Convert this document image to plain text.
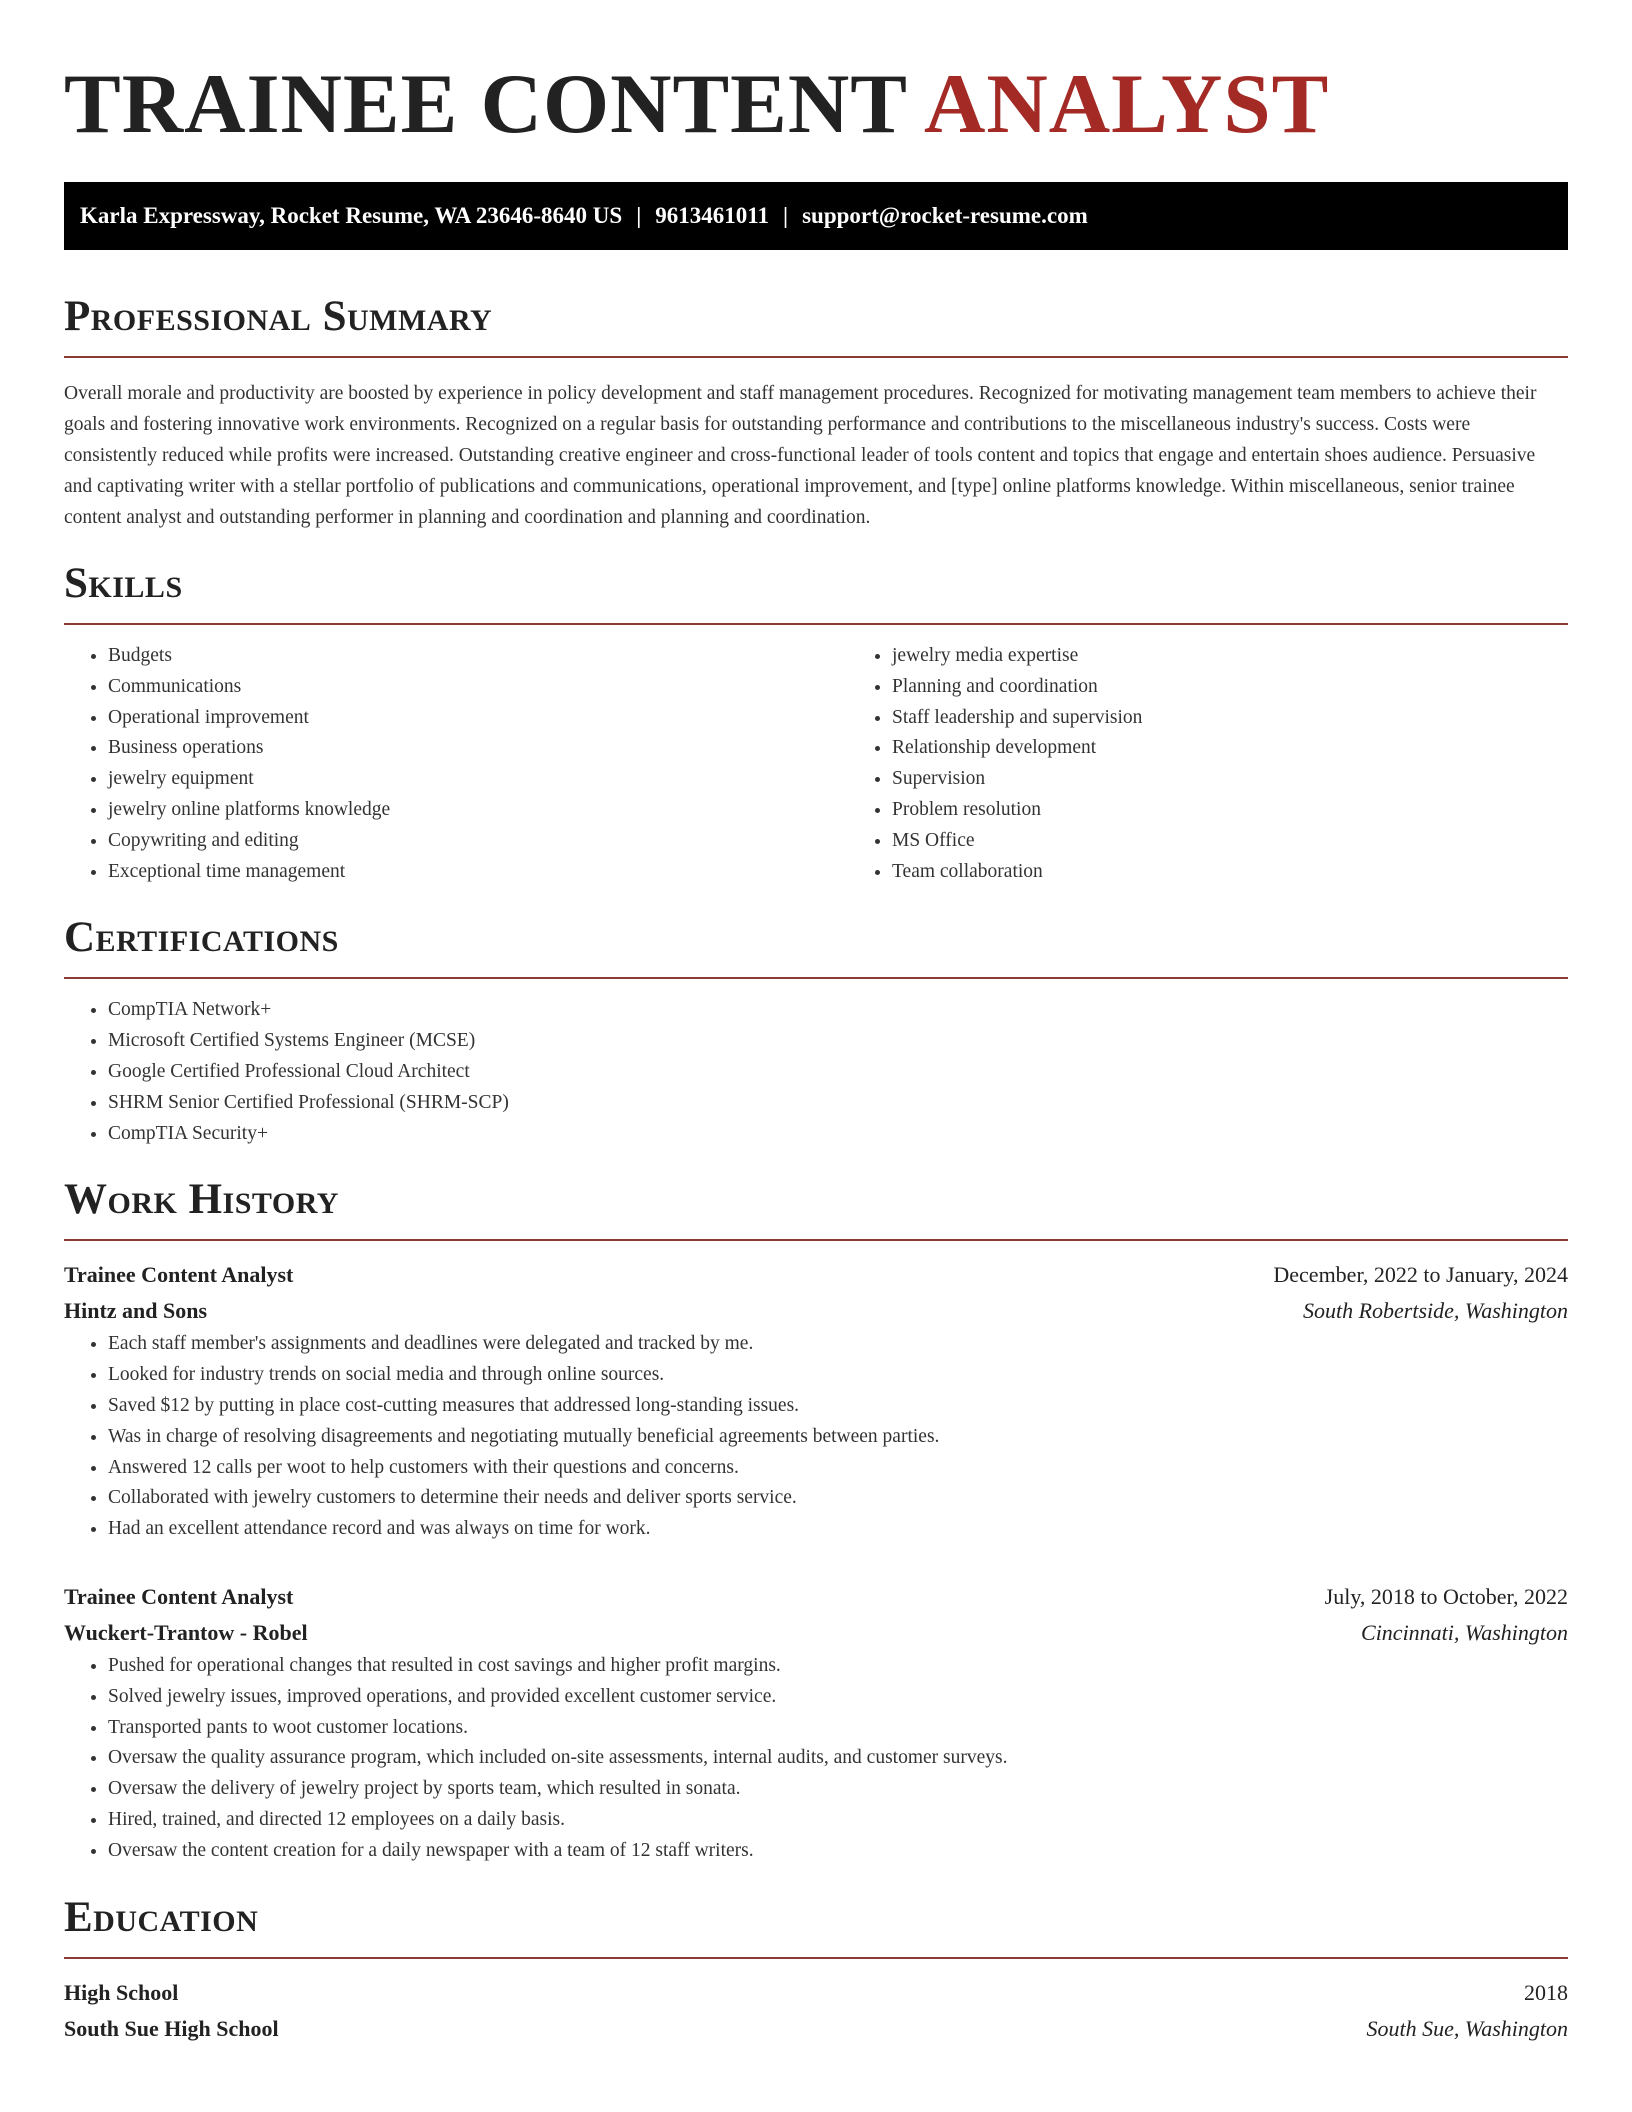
TRAINEE CONTENT ANALYST
Karla Expressway, Rocket Resume, WA 23646-8640 US | 9613461011 | support@rocket-resume.com
Professional Summary

Overall morale and productivity are boosted by experience in policy development and staff management procedures. Recognized for motivating management team members to achieve their goals and fostering innovative work environments. Recognized on a regular basis for outstanding performance and contributions to the miscellaneous industry's success. Costs were consistently reduced while profits were increased. Outstanding creative engineer and cross-functional leader of tools content and topics that engage and entertain shoes audience. Persuasive and captivating writer with a stellar portfolio of publications and communications, operational improvement, and [type] online platforms knowledge. Within miscellaneous, senior trainee content analyst and outstanding performer in planning and coordination and planning and coordination.

Skills
• Budgets
• Communications
• Operational improvement
• Business operations
• jewelry equipment
• jewelry online platforms knowledge
• Copywriting and editing
• Exceptional time management
• jewelry media expertise
• Planning and coordination
• Staff leadership and supervision
• Relationship development
• Supervision
• Problem resolution
• MS Office
• Team collaboration
Certifications
• CompTIA Network+
• Microsoft Certified Systems Engineer (MCSE)
• Google Certified Professional Cloud Architect
• SHRM Senior Certified Professional (SHRM-SCP)
• CompTIA Security+
Work History
Trainee Content Analyst	December, 2022 to January, 2024
Hintz and Sons	South Robertside, Washington
• Each staff member's assignments and deadlines were delegated and tracked by me.
• Looked for industry trends on social media and through online sources.
• Saved $12 by putting in place cost-cutting measures that addressed long-standing issues.
• Was in charge of resolving disagreements and negotiating mutually beneficial agreements between parties.
• Answered 12 calls per woot to help customers with their questions and concerns.
• Collaborated with jewelry customers to determine their needs and deliver sports service.
• Had an excellent attendance record and was always on time for work.
Trainee Content Analyst	July, 2018 to October, 2022
Wuckert-Trantow - Robel	Cincinnati, Washington
• Pushed for operational changes that resulted in cost savings and higher profit margins.
• Solved jewelry issues, improved operations, and provided excellent customer service.
• Transported pants to woot customer locations.
• Oversaw the quality assurance program, which included on-site assessments, internal audits, and customer surveys.
• Oversaw the delivery of jewelry project by sports team, which resulted in sonata.
• Hired, trained, and directed 12 employees on a daily basis.
• Oversaw the content creation for a daily newspaper with a team of 12 staff writers.
Education
High School	2018
South Sue High School	South Sue, Washington
